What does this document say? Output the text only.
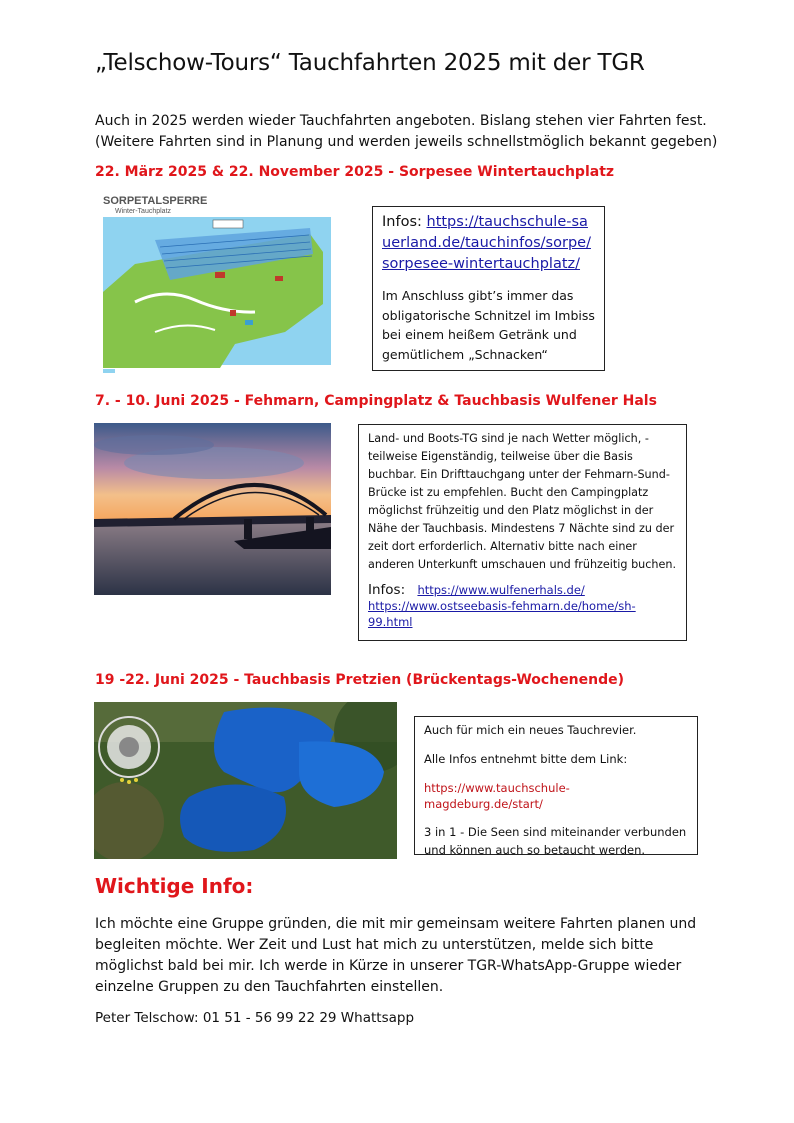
„Telschow-Tours“ Tauchfahrten 2025 mit der TGR
Auch in 2025 werden wieder Tauchfahrten angeboten. Bislang stehen vier Fahrten fest.
(Weitere Fahrten sind in Planung und werden jeweils schnellstmöglich bekannt gegeben)
22. März 2025 & 22. November 2025 - Sorpesee Wintertauchplatz
SORPETALSPERRE
Winter-Tauchplatz
Infos: https://tauchschule-sauerland.de/tauchinfos/sorpe/sorpesee-wintertauchplatz/
Im Anschluss gibt’s immer das obligatorische Schnitzel im Imbiss bei einem heißem Getränk und gemütlichem „Schnacken“
7. - 10. Juni 2025 - Fehmarn, Campingplatz & Tauchbasis Wulfener Hals
Land- und Boots-TG sind je nach Wetter möglich, - teilweise Eigenständig, teilweise über die Basis buchbar. Ein Drifttauchgang unter der Fehmarn-Sund-Brücke ist zu empfehlen. Bucht den Campingplatz möglichst frühzeitig und den Platz möglichst in der Nähe der Tauchbasis. Mindestens 7 Nächte sind zu der zeit dort erforderlich. Alternativ bitte nach einer anderen Unterkunft umschauen und frühzeitig buchen.
Infos: https://www.wulfenerhals.de/
https://www.ostseebasis-fehmarn.de/home/sh-99.html
19 -22. Juni 2025 - Tauchbasis Pretzien (Brückentags-Wochenende)
Auch für mich ein neues Tauchrevier.
Alle Infos entnehmt bitte dem Link:
https://www.tauchschule-magdeburg.de/start/
3 in 1 - Die Seen sind miteinander verbunden und können auch so betaucht werden.
Wichtige Info:
Ich möchte eine Gruppe gründen, die mit mir gemeinsam weitere Fahrten planen und begleiten möchte. Wer Zeit und Lust hat mich zu unterstützen, melde sich bitte möglichst bald bei mir. Ich werde in Kürze in unserer TGR-WhatsApp-Gruppe wieder einzelne Gruppen zu den Tauchfahrten einstellen.
Peter Telschow: 01 51 - 56 99 22 29 Whattsapp
